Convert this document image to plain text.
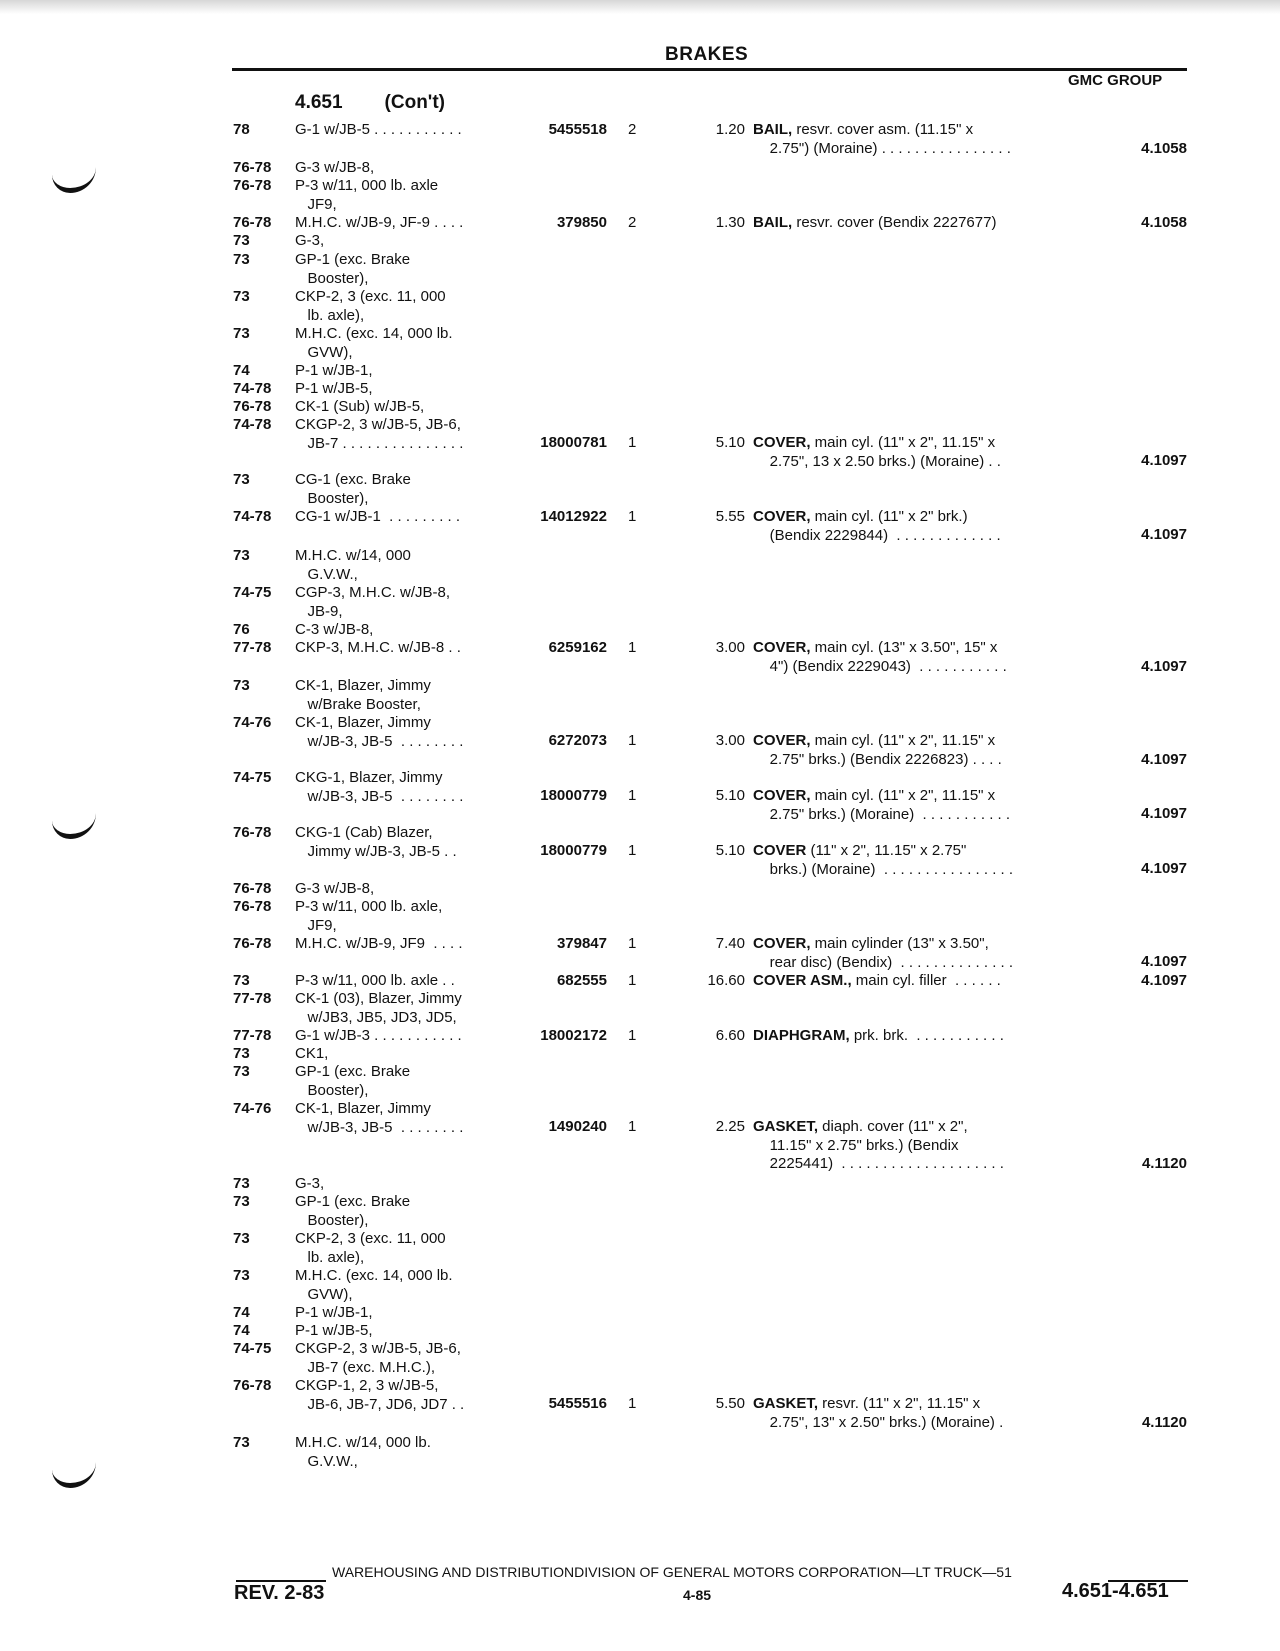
BRAKES
GMC GROUP
4.651 (Con't)
78	G-1 w/JB-5 . . . . . . . . . . .	5455518 2	1.20 BAIL, resvr. cover asm. (11.15" x
2.75") (Moraine) . . . . . . . . . . . . . . . .	4.1058
76-78	G-3 w/JB-8,
76-78	P-3 w/11, 000 lb. axle
JF9,
76-78	M.H.C. w/JB-9, JF-9 . . . .	379850 2	1.30 BAIL, resvr. cover (Bendix 2227677)	4.1058
73	G-3,
73	GP-1 (exc. Brake
Booster),
73	CKP-2, 3 (exc. 11, 000
lb. axle),
73	M.H.C. (exc. 14, 000 lb.
GVW),
74	P-1 w/JB-1,
74-78	P-1 w/JB-5,
76-78	CK-1 (Sub) w/JB-5,
74-78	CKGP-2, 3 w/JB-5, JB-6,
JB-7 . . . . . . . . . . . . . . .	18000781 1	5.10 COVER, main cyl. (11" x 2", 11.15" x
2.75", 13 x 2.50 brks.) (Moraine) . .	4.1097
73	CG-1 (exc. Brake
Booster),
74-78	CG-1 w/JB-1  . . . . . . . . .	14012922 1	5.55 COVER, main cyl. (11" x 2" brk.)
(Bendix 2229844)  . . . . . . . . . . . . .	4.1097
73	M.H.C. w/14, 000
G.V.W.,
74-75	CGP-3, M.H.C. w/JB-8,
JB-9,
76	C-3 w/JB-8,
77-78	CKP-3, M.H.C. w/JB-8 . .	6259162 1	3.00 COVER, main cyl. (13" x 3.50", 15" x
4") (Bendix 2229043)  . . . . . . . . . . .	4.1097
73	CK-1, Blazer, Jimmy
w/Brake Booster,
74-76	CK-1, Blazer, Jimmy
w/JB-3, JB-5  . . . . . . . .	6272073 1	3.00 COVER, main cyl. (11" x 2", 11.15" x
2.75" brks.) (Bendix 2226823) . . . .	4.1097
74-75	CKG-1, Blazer, Jimmy
w/JB-3, JB-5  . . . . . . . .	18000779 1	5.10 COVER, main cyl. (11" x 2", 11.15" x
2.75" brks.) (Moraine)  . . . . . . . . . . .	4.1097
76-78	CKG-1 (Cab) Blazer,
Jimmy w/JB-3, JB-5 . .	18000779 1	5.10 COVER (11" x 2", 11.15" x 2.75"
brks.) (Moraine)  . . . . . . . . . . . . . . . .	4.1097
76-78	G-3 w/JB-8,
76-78	P-3 w/11, 000 lb. axle,
JF9,
76-78	M.H.C. w/JB-9, JF9  . . . .	379847 1	7.40 COVER, main cylinder (13" x 3.50",
rear disc) (Bendix)  . . . . . . . . . . . . . .	4.1097
73	P-3 w/11, 000 lb. axle . .	682555 1	16.60 COVER ASM., main cyl. filler  . . . . . .	4.1097
77-78	CK-1 (03), Blazer, Jimmy
w/JB3, JB5, JD3, JD5,
77-78	G-1 w/JB-3 . . . . . . . . . . .	18002172 1	6.60 DIAPHGRAM, prk. brk.  . . . . . . . . . . .
73	CK1,
73	GP-1 (exc. Brake
Booster),
74-76	CK-1, Blazer, Jimmy
w/JB-3, JB-5  . . . . . . . .	1490240 1	2.25 GASKET, diaph. cover (11" x 2",
11.15" x 2.75" brks.) (Bendix
2225441)  . . . . . . . . . . . . . . . . . . . .	4.1120
73	G-3,
73	GP-1 (exc. Brake
Booster),
73	CKP-2, 3 (exc. 11, 000
lb. axle),
73	M.H.C. (exc. 14, 000 lb.
GVW),
74	P-1 w/JB-1,
74	P-1 w/JB-5,
74-75	CKGP-2, 3 w/JB-5, JB-6,
JB-7 (exc. M.H.C.),
76-78	CKGP-1, 2, 3 w/JB-5,
JB-6, JB-7, JD6, JD7 . .	5455516 1	5.50 GASKET, resvr. (11" x 2", 11.15" x
2.75", 13" x 2.50" brks.) (Moraine) .	4.1120
73	M.H.C. w/14, 000 lb.
G.V.W.,
WAREHOUSING AND DISTRIBUTIONDIVISION OF GENERAL MOTORS CORPORATION—LT TRUCK—51
REV. 2-83	4-85	4.651-4.651
